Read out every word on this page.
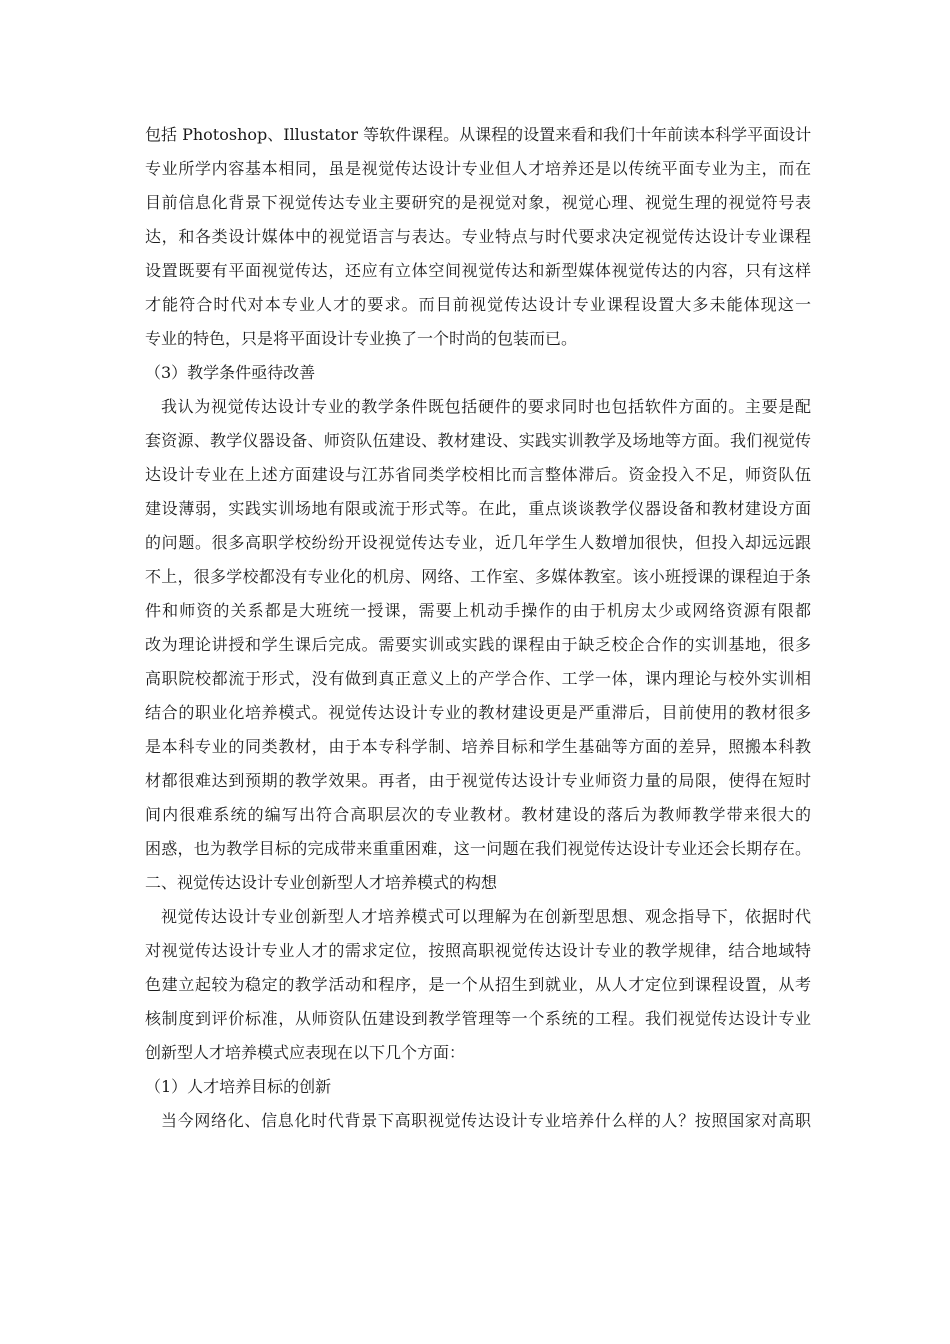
包括 Photoshop、Illustator 等软件课程。从课程的设置来看和我们十年前读本科学平面设计
专业所学内容基本相同，虽是视觉传达设计专业但人才培养还是以传统平面专业为主，而在
目前信息化背景下视觉传达专业主要研究的是视觉对象，视觉心理、视觉生理的视觉符号表
达，和各类设计媒体中的视觉语言与表达。专业特点与时代要求决定视觉传达设计专业课程
设置既要有平面视觉传达，还应有立体空间视觉传达和新型媒体视觉传达的内容，只有这样
才能符合时代对本专业人才的要求。而目前视觉传达设计专业课程设置大多未能体现这一
专业的特色，只是将平面设计专业换了一个时尚的包装而已。
（3）教学条件亟待改善
我认为视觉传达设计专业的教学条件既包括硬件的要求同时也包括软件方面的。主要是配
套资源、教学仪器设备、师资队伍建设、教材建设、实践实训教学及场地等方面。我们视觉传
达设计专业在上述方面建设与江苏省同类学校相比而言整体滞后。资金投入不足，师资队伍
建设薄弱，实践实训场地有限或流于形式等。在此，重点谈谈教学仪器设备和教材建设方面
的问题。很多高职学校纷纷开设视觉传达专业，近几年学生人数增加很快，但投入却远远跟
不上，很多学校都没有专业化的机房、网络、工作室、多媒体教室。该小班授课的课程迫于条
件和师资的关系都是大班统一授课，需要上机动手操作的由于机房太少或网络资源有限都
改为理论讲授和学生课后完成。需要实训或实践的课程由于缺乏校企合作的实训基地，很多
高职院校都流于形式，没有做到真正意义上的产学合作、工学一体，课内理论与校外实训相
结合的职业化培养模式。视觉传达设计专业的教材建设更是严重滞后，目前使用的教材很多
是本科专业的同类教材，由于本专科学制、培养目标和学生基础等方面的差异，照搬本科教
材都很难达到预期的教学效果。再者，由于视觉传达设计专业师资力量的局限，使得在短时
间内很难系统的编写出符合高职层次的专业教材。教材建设的落后为教师教学带来很大的
困惑，也为教学目标的完成带来重重困难，这一问题在我们视觉传达设计专业还会长期存在。
二、视觉传达设计专业创新型人才培养模式的构想
视觉传达设计专业创新型人才培养模式可以理解为在创新型思想、观念指导下，依据时代
对视觉传达设计专业人才的需求定位，按照高职视觉传达设计专业的教学规律，结合地域特
色建立起较为稳定的教学活动和程序，是一个从招生到就业，从人才定位到课程设置，从考
核制度到评价标准，从师资队伍建设到教学管理等一个系统的工程。我们视觉传达设计专业
创新型人才培养模式应表现在以下几个方面：
（1）人才培养目标的创新
当今网络化、信息化时代背景下高职视觉传达设计专业培养什么样的人？按照国家对高职
